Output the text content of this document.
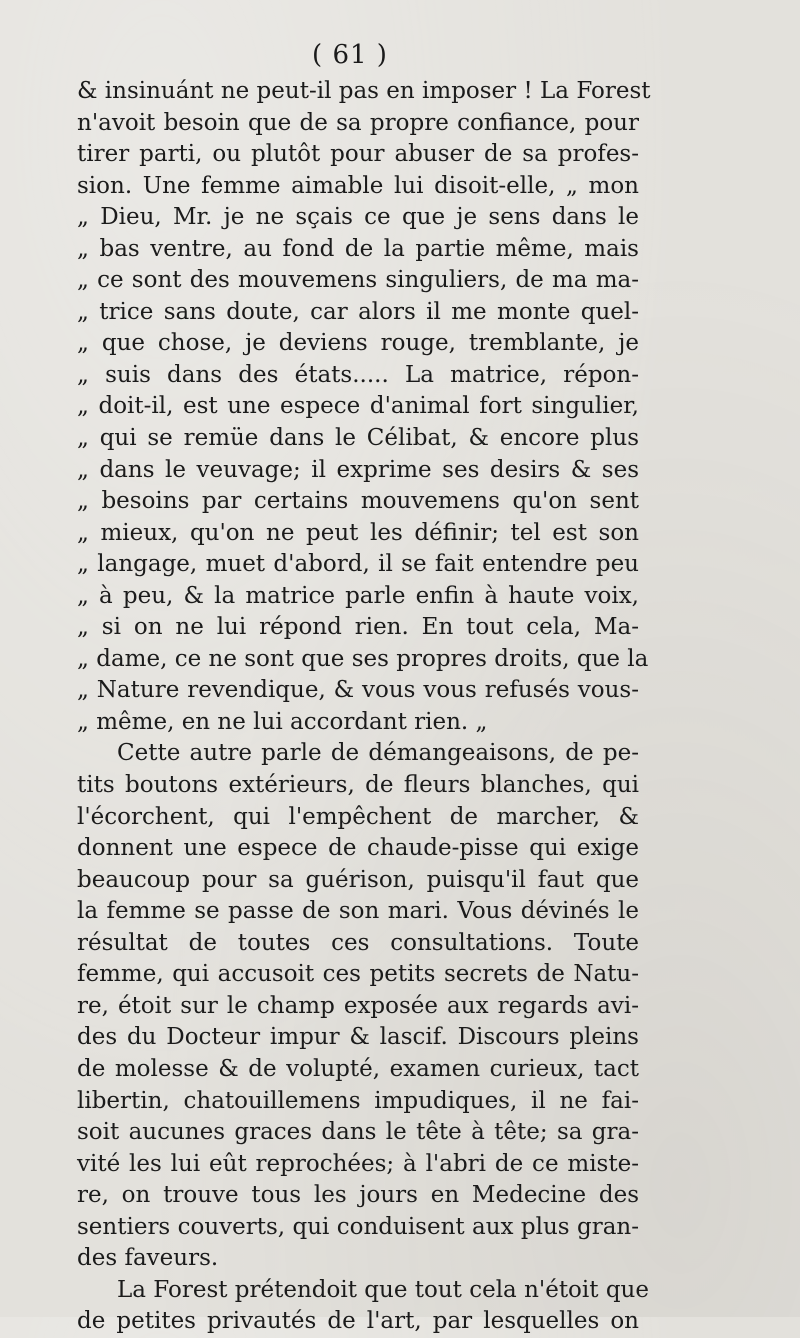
( 61 )
& insinuánt ne peut-il pas en imposer ! La Forest
n'avoit besoin que de sa propre confiance, pour
tirer parti, ou plutôt pour abuser de sa profes-
sion. Une femme aimable lui disoit-elle, „ mon
„ Dieu, Mr. je ne sçais ce que je sens dans le
„ bas ventre, au fond de la partie même, mais
„ ce sont des mouvemens singuliers, de ma ma-
„ trice sans doute, car alors il me monte quel-
„ que chose, je deviens rouge, tremblante, je
„ suis dans des états..... La matrice, répon-
„ doit-il, est une espece d'animal fort singulier,
„ qui se remüe dans le Célibat, & encore plus
„ dans le veuvage; il exprime ses desirs & ses
„ besoins par certains mouvemens qu'on sent
„ mieux, qu'on ne peut les définir; tel est son
„ langage, muet d'abord, il se fait entendre peu
„ à peu, & la matrice parle enfin à haute voix,
„ si on ne lui répond rien. En tout cela, Ma-
„ dame, ce ne sont que ses propres droits, que la
„ Nature revendique, & vous vous refusés vous-
„ même, en ne lui accordant rien. „
Cette autre parle de démangeaisons, de pe-
tits boutons extérieurs, de fleurs blanches, qui
l'écorchent, qui l'empêchent de marcher, &
donnent une espece de chaude-pisse qui exige
beaucoup pour sa guérison, puisqu'il faut que
la femme se passe de son mari. Vous dévinés le
résultat de toutes ces consultations. Toute
femme, qui accusoit ces petits secrets de Natu-
re, étoit sur le champ exposée aux regards avi-
des du Docteur impur & lascif. Discours pleins
de molesse & de volupté, examen curieux, tact
libertin, chatouillemens impudiques, il ne fai-
soit aucunes graces dans le tête à tête; sa gra-
vité les lui eût reprochées; à l'abri de ce miste-
re, on trouve tous les jours en Medecine des
sentiers couverts, qui conduisent aux plus gran-
des faveurs.
La Forest prétendoit que tout cela n'étoit que
de petites privautés de l'art, par lesquelles on
